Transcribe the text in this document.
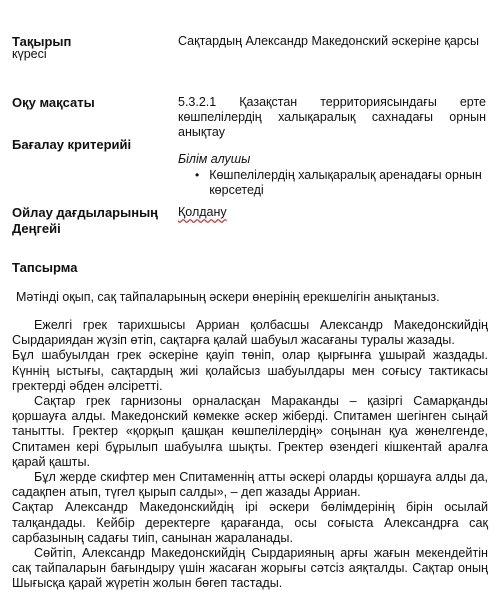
Тақырып	Сақтардың Александр Македонский әскеріне қарсы
күресі
Оқу мақсаты	5.3.2.1 Қазақстан территориясындағы ерте көшпелілердің халықаралық сахнадағы орнын анықтау
Бағалау критерийі
Білім алушы
• Көшпелілердің халықаралық аренадағы орнын көрсетеді
Ойлау дағдыларының Деңгейі
Қолдану
Тапсырма
Мәтінді оқып, сақ тайпаларының әскери өнерінің ерекшелігін анықтаныз.

Ежелгі грек тарихшысы Арриан қолбасшы Александр Македонскийдің Сырдариядан жүзіп өтіп, сақтарға қалай шабуыл жасағаны туралы жазады.

Бұл шабуылдан грек әскеріне қауіп төніп, олар қырғынға ұшырай жаздады. Күннің ыстығы, сақтардың жиі қолайсыз шабуылдары мен соғысу тактикасы гректерді әбден әлсіретті.

Сақтар грек гарнизоны орналасқан Мараканды – қазіргі Самарқанды қоршауға алды. Македонский көмекке әскер жіберді. Спитамен шегінген сыңай танытты. Гректер «қорқып қашқан көшпелілердің» соңынан қуа жөнелгенде, Спитамен кері бұрылып шабуылға шықты. Гректер өзендегі кішкентай аралға қарай қашты.

Бұл жерде скифтер мен Спитаменнің атты әскері оларды қоршауға алды да, садақпен атып, түгел қырып салды», – деп жазады Арриан.

Сақтар Александр Македонскийдің ірі әскери бөлімдерінің бірін осылай талқандады. Кейбір деректерге қарағанда, осы соғыста Александрға сақ сарбазының садағы тиіп, санынан жараланады.

Сөйтіп, Александр Македонскийдің Сырдарияның арғы жағын мекендейтін сақ тайпаларын бағындыру үшін жасаған жорығы сәтсіз аяқталды. Сақтар оның Шығысқа қарай жүретін жолын бөгеп тастады.
